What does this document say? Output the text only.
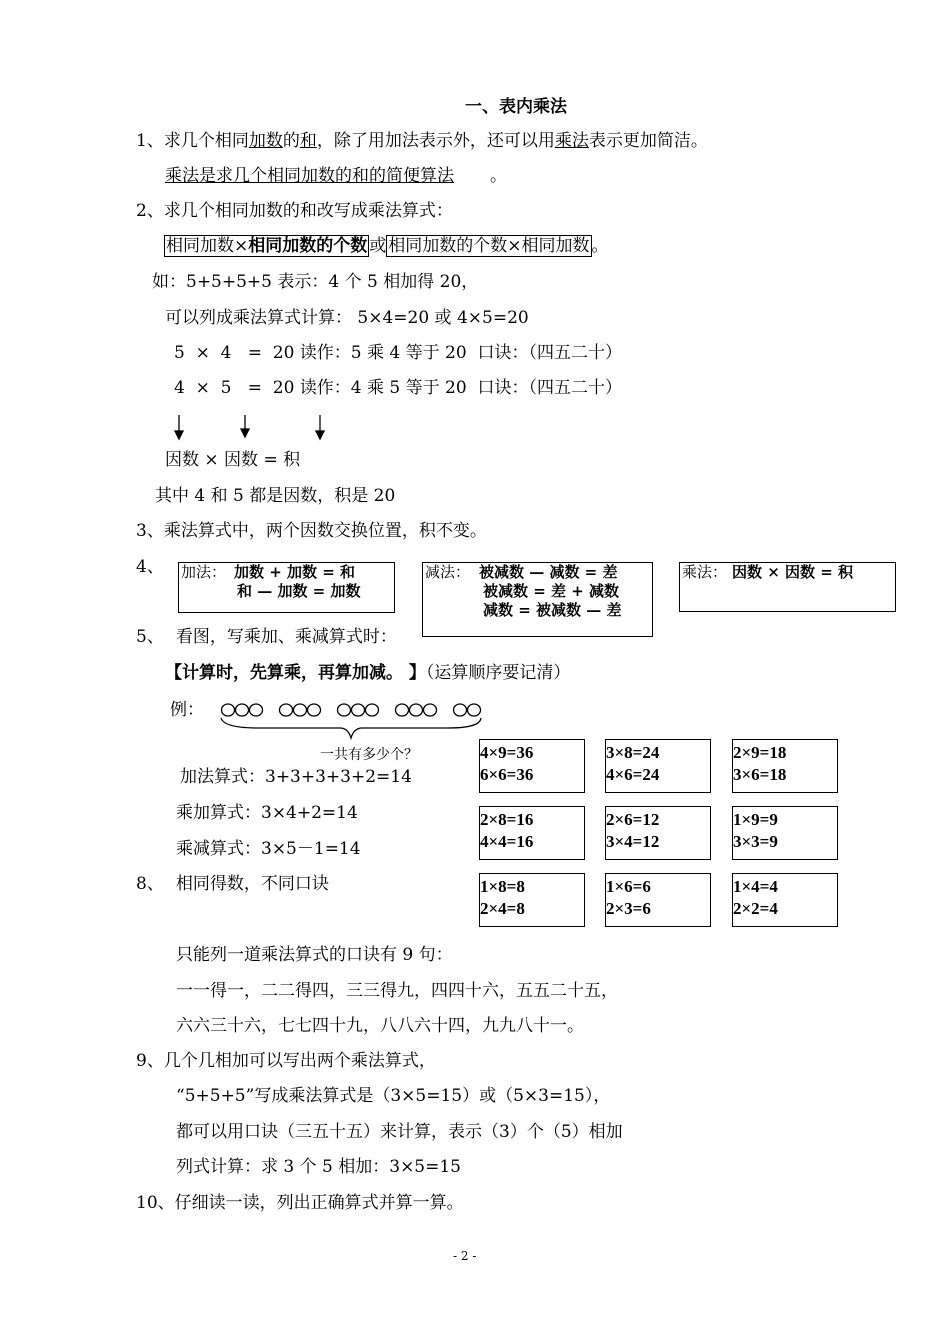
一、表内乘法
1、求几个相同加数的和，除了用加法表示外，还可以用乘法表示更加简洁。
乘法是求几个相同加数的和的简便算法 。
2、求几个相同加数的和改写成乘法算式：
相同加数×相同加数的个数 或 相同加数的个数×相同加数 。
如：5+5+5+5 表示：4 个 5 相加得 20，
可以列成乘法算式计算： 5×4=20 或 4×5=20
5  ×  4   =  20 读作：5 乘 4 等于 20  口诀：（四五二十）
4  ×  5   =  20 读作：4 乘 5 等于 20  口诀：（四五二十）
因数 × 因数 = 积
其中 4 和 5 都是因数，积是 20
3、乘法算式中，两个因数交换位置，积不变。
4、 加法： 加数 + 加数 = 和
和 — 加数 = 加数
减法： 被减数 — 减数 = 差
被减数 = 差 + 减数
减数 = 被减数 — 差
乘法： 因数 × 因数 = 积
5、 看图，写乘加、乘减算式时：
【计算时，先算乘，再算加减。 】（运算顺序要记清）
例：
一共有多少个？
加法算式：3+3+3+3+2=14
乘加算式：3×4+2=14
乘减算式：3×5－1=14
4×9=36
6×6=36
3×8=24
4×6=24
2×9=18
3×6=18
2×8=16
4×4=16
2×6=12
3×4=12
1×9=9
3×3=9
1×8=8
2×4=8
1×6=6
2×3=6
1×4=4
2×2=4
8、 相同得数，不同口诀
只能列一道乘法算式的口诀有 9 句：
一一得一，二二得四，三三得九，四四十六，五五二十五，
六六三十六，七七四十九，八八六十四，九九八十一。
9、几个几相加可以写出两个乘法算式，
“5+5+5”写成乘法算式是（3×5=15）或（5×3=15），
都可以用口诀（三五十五）来计算，表示（3）个（5）相加
列式计算：求 3 个 5 相加：3×5=15
10、仔细读一读，列出正确算式并算一算。
- 2 -
